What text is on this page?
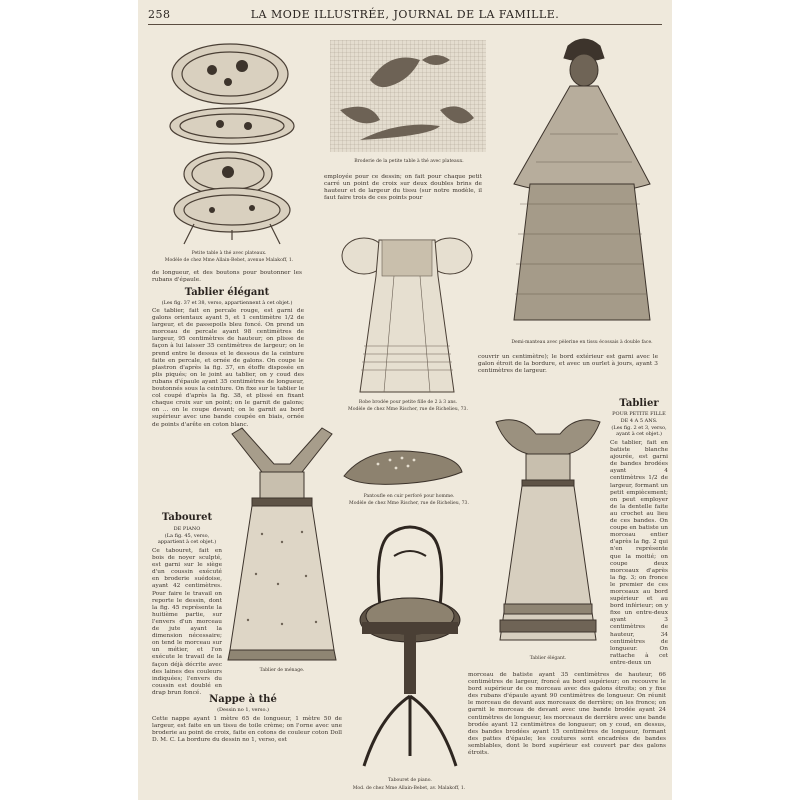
258	LA MODE ILLUSTRÉE, JOURNAL DE LA FAMILLE.
Petite table à thé avec plateaux.
Modèle de chez Mme Allain-Bebet, avenue Malakoff, 1.
de longueur, et des boutons pour boutonner les rubans d'épaule.
Tablier élégant
(Les fig. 37 et 38, verso, appartiennent à cet objet.)
Ce tablier, fait en percale rouge, est garni de galons orientaux ayant 5, et 1 centimètre 1/2 de largeur, et de passepoils bleu foncé. On prend un morceau de percale ayant 98 centimètres de largeur, 95 centimètres de hauteur; on plisse de façon à lui laisser 35 centimètres de largeur; on le prend entre le dessus et le dessous de la ceinture faite en percale, et ornée de galons. On coupe le plastron d'après la fig. 37, en étoffe disposée en plis piqués; on le joint au tablier, on y coud des rubans d'épaule ayant 35 centimètres de longueur, boutonnés sous la ceinture. On fixe sur le tablier le col coupé d'après la fig. 38, et plissé en fixant chaque croix sur un point; on le garnit de galons; on ... on le coupe devant; on le garnit au bord supérieur avec une bande coupée en biais, ornée de points d'arête en coton blanc.
Broderie de la petite table à thé avec plateaux.
employée pour ce dessin; on fait pour chaque petit carré un point de croix sur deux doubles brins de hauteur et de largeur du tissu (sur notre modèle, il faut faire trois de ces points pour
Robe brodée pour petite fille de 2 à 3 ans.
Modèle de chez Mme Rischer, rue de Richelieu, 73.
Demi-manteau avec pèlerine en tissu écossais à double face.
couvrir un centimètre); le bord extérieur est garni avec le galon étroit de la bordure, et avec un ourlet à jours, ayant 3 centimètres de largeur.
Tablier
POUR PETITE FILLE
DE 4 A 5 ANS.
(Les fig. 2 et 3, verso, ayant à cet objet.)
Ce tablier, fait en batiste blanche ajourée, est garni de bandes brodées ayant 4 centimètres 1/2 de largeur, formant un petit empiècement; on peut employer de la dentelle faite au crochet au lieu de ces bandes. On coupe en batiste un morceau entier d'après la fig. 2 qui n'en représente que la moitié; on coupe deux morceaux d'après la fig. 3; on fronce le premier de ces morceaux au bord supérieur et au bord inférieur; on y fixe un entre-deux ayant 3 centimètres de hauteur, 34 centimètres de longueur. On rattache à cet entre-deux un
Tablier de ménage.
Tabouret
DE PIANO
(La fig. 45, verso, appartient à cet objet.)
Ce tabouret, fait en bois de noyer sculpté, est garni sur le siège d'un coussin exécuté en broderie suédoise, ayant 42 centimètres. Pour faire le travail on reporte le dessin, dont la fig. 45 représente la huitième partie, sur l'envers d'un morceau de jute ayant la dimension nécessaire; on tend le morceau sur un métier, et l'on exécute le travail de la façon déjà décrite avec des laines des couleurs indiquées; l'envers du coussin est doublé en drap brun foncé.
Nappe à thé
(Dessin no 1, verso.)
Cette nappe ayant 1 mètre 65 de longueur, 1 mètre 50 de largeur, est faite en un tissu de toile crème; on l'orne avec une broderie au point de croix, faite en cotons de couleur coton Doll D. M. C. La bordure du dessin no 1, verso, est
Pantoufle en cuir perforé pour homme.
Modèle de chez Mme Rischer, rue de Richelieu, 73.
Tabouret de piano.
Mod. de chez Mme Allain-Bebet, av. Malakoff, 1.
Tablier élégant.
morceau de batiste ayant 35 centimètres de hauteur, 66 centimètres de largeur, froncé au bord supérieur; on recouvre le bord supérieur de ce morceau avec des galons étroits; on y fixe des rubans d'épaule ayant 90 centimètres de longueur. On réunit le morceau de devant aux morceaux de derrière; on les fronce; on garnit le morceau de devant avec une bande brodée ayant 24 centimètres de longueur, les morceaux de derrière avec une bande brodée ayant 12 centimètres de longueur; on y coud, en dessus, des bandes brodées ayant 15 centimètres de longueur, formant des pattes d'épaule; les coutures sont encadrées de bandes semblables, dont le bord supérieur est couvert par des galons étroits.
